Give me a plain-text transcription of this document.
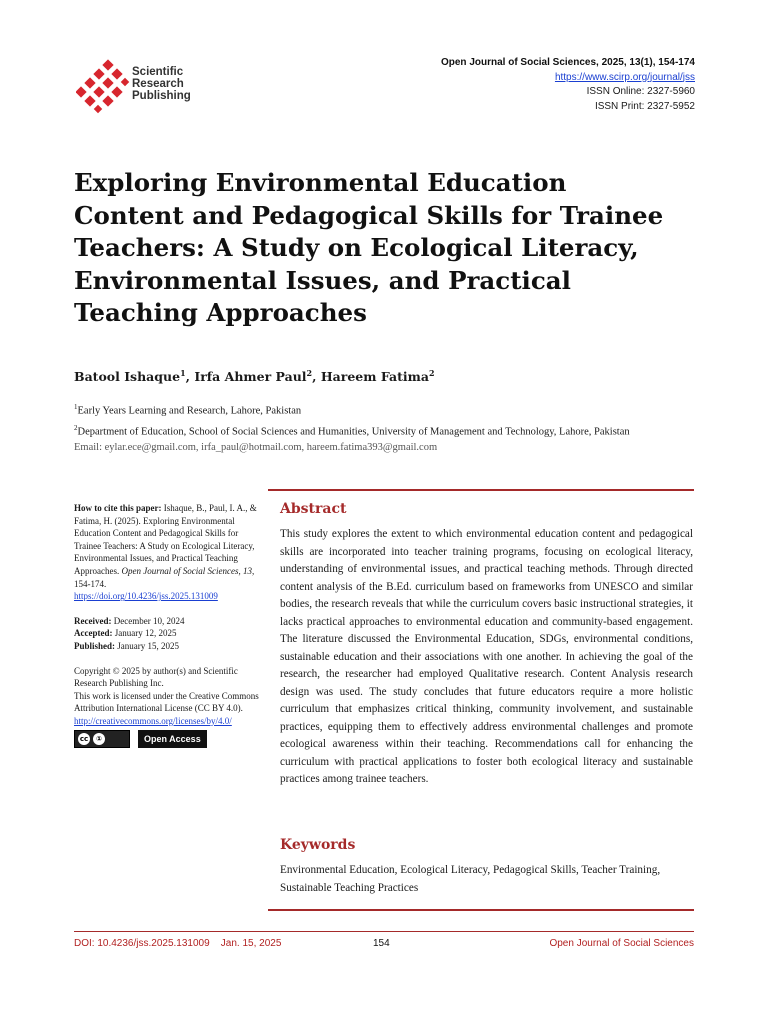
Scientific
Research
Publishing
Open Journal of Social Sciences, 2025, 13(1), 154-174
https://www.scirp.org/journal/jss
ISSN Online: 2327-5960
ISSN Print: 2327-5952
Exploring Environmental Education
Content and Pedagogical Skills for Trainee
Teachers: A Study on Ecological Literacy,
Environmental Issues, and Practical
Teaching Approaches
Batool Ishaque$^1$, Irfa Ahmer Paul$^2$, Hareem Fatima$^2$
$^1$Early Years Learning and Research, Lahore, Pakistan
$^2$Department of Education, School of Social Sciences and Humanities, University of Management and Technology, Lahore, Pakistan
Email: eylar.ece@gmail.com, irfa_paul@hotmail.com, hareem.fatima393@gmail.com

How to cite this paper: Ishaque, B., Paul, I. A., & Fatima, H. (2025). Exploring Environmental Education Content and Pedagogical Skills for Trainee Teachers: A Study on Ecological Literacy, Environmental Issues, and Practical Teaching Approaches. Open Journal of Social Sciences, 13, 154-174.
https://doi.org/10.4236/jss.2025.131009

Received: December 10, 2024
Accepted: January 12, 2025
Published: January 15, 2025

Copyright © 2025 by author(s) and Scientific Research Publishing Inc.
This work is licensed under the Creative Commons Attribution International License (CC BY 4.0).
http://creativecommons.org/licenses/by/4.0/

cc	①	Open Access
Abstract
This study explores the extent to which environmental education content and pedagogical skills are incorporated into teacher training programs, focusing on ecological literacy, understanding of environmental issues, and practical teaching methods. Through directed content analysis of the B.Ed. curriculum based on frameworks from UNESCO and similar bodies, the research reveals that while the curriculum covers basic instructional strategies, it lacks practical approaches to environmental education and community-based engagement. The literature discussed the Environmental Education, SDGs, environmental conditions, sustainable education and their associations with one another. In achieving the goal of the research, the researcher had employed Qualitative research. Content Analysis research design was used. The study concludes that future educators require a more holistic curriculum that emphasizes critical thinking, community involvement, and sustainable practices, equipping them to effectively address environmental challenges and promote ecological awareness within their teaching. Recommendations call for enhancing the curriculum with practical applications to foster both ecological literacy and sustainable practices among trainee teachers.
Keywords
Environmental Education, Ecological Literacy, Pedagogical Skills, Teacher Training, Sustainable Teaching Practices
DOI: 10.4236/jss.2025.131009 Jan. 15, 2025	154	Open Journal of Social Sciences
